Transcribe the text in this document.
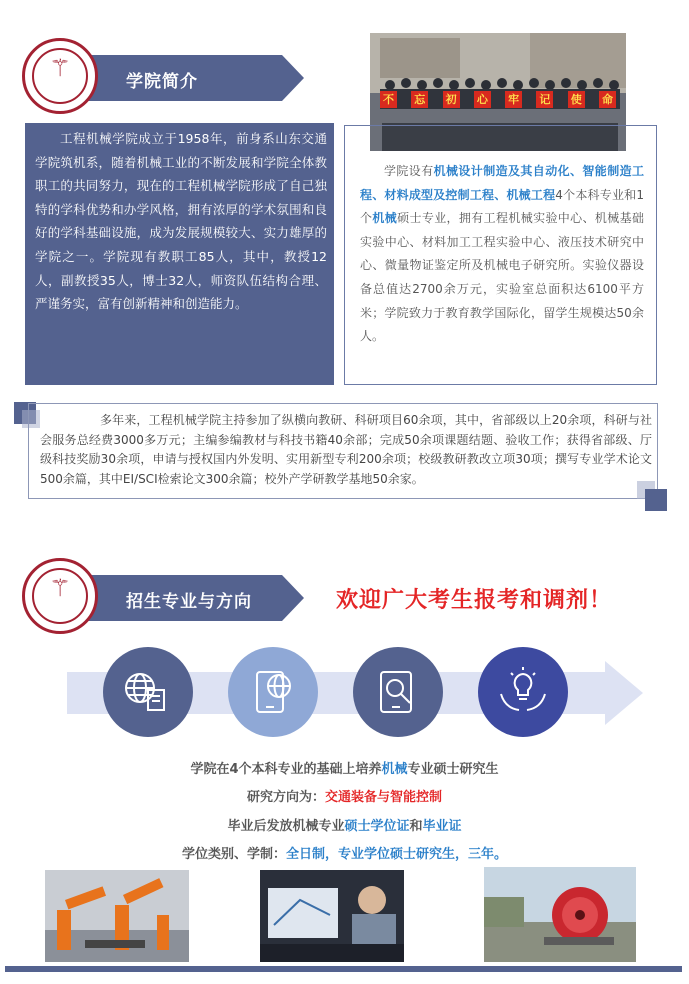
学院简介
⚚
不 忘 初 心 牢 记 使 命
工程机械学院成立于1958年，前身系山东交通学院筑机系，随着机械工业的不断发展和学院全体教职工的共同努力，现在的工程机械学院形成了自己独特的学科优势和办学风格，拥有浓厚的学术氛围和良好的学科基础设施，成为发展规模较大、实力雄厚的学院之一。学院现有教职工85人，其中，教授12人，副教授35人，博士32人，师资队伍结构合理、严谨务实，富有创新精神和创造能力。
学院设有机械设计制造及其自动化、智能制造工程、材料成型及控制工程、机械工程4个本科专业和1个机械硕士专业，拥有工程机械实验中心、机械基础实验中心、材料加工工程实验中心、液压技术研究中心、微量物证鉴定所及机械电子研究所。实验仪器设备总值达2700余万元，实验室总面积达6100平方米；学院致力于教育教学国际化，留学生规模达50余人。
多年来，工程机械学院主持参加了纵横向教研、科研项目60余项，其中，省部级以上20余项，科研与社会服务总经费3000多万元；主编参编教材与科技书籍40余部；完成50余项课题结题、验收工作；获得省部级、厅级科技奖励30余项，申请与授权国内外发明、实用新型专利200余项；校级教研教改立项30项；撰写专业学术论文500余篇，其中EI/SCI检索论文300余篇；校外产学研教学基地50余家。
招生专业与方向
⚚	欢迎广大考生报考和调剂！
学院在4个本科专业的基础上培养机械专业硕士研究生
研究方向为：交通装备与智能控制
毕业后发放机械专业硕士学位证和毕业证
学位类别、学制：全日制，专业学位硕士研究生，三年。
